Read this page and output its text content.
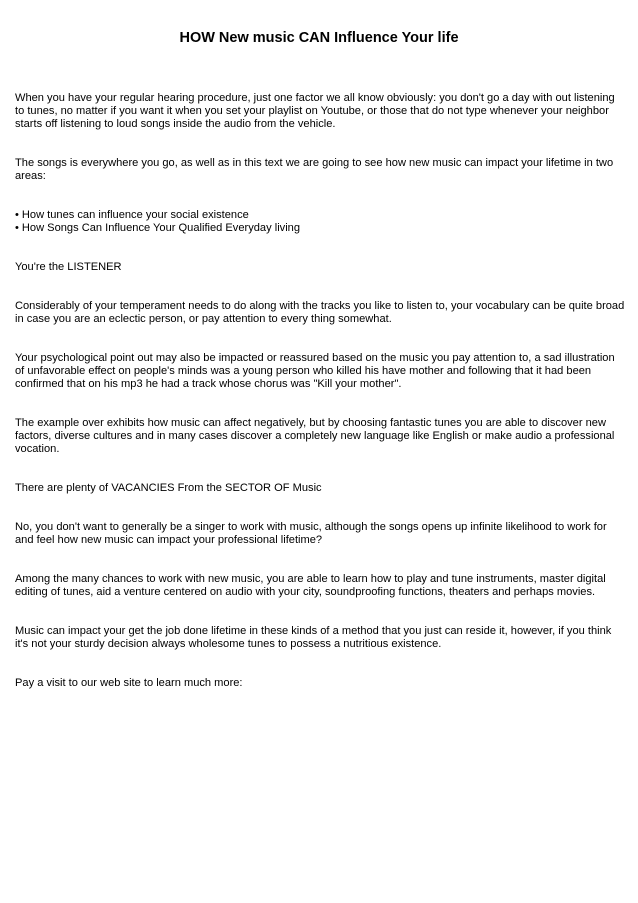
HOW New music CAN Influence Your life

When you have your regular hearing procedure, just one factor we all know obviously: you don't go a day with out listening to tunes, no matter if you want it when you set your playlist on Youtube, or those that do not type whenever your neighbor starts off listening to loud songs inside the audio from the vehicle.

The songs is everywhere you go, as well as in this text we are going to see how new music can impact your lifetime in two areas:

• How tunes can influence your social existence
• How Songs Can Influence Your Qualified Everyday living

You're the LISTENER

Considerably of your temperament needs to do along with the tracks you like to listen to, your vocabulary can be quite broad in case you are an eclectic person, or pay attention to every thing somewhat.

Your psychological point out may also be impacted or reassured based on the music you pay attention to, a sad illustration of unfavorable effect on people's minds was a young person who killed his have mother and following that it had been confirmed that on his mp3 he had a track whose chorus was "Kill your mother".

The example over exhibits how music can affect negatively, but by choosing fantastic tunes you are able to discover new factors, diverse cultures and in many cases discover a completely new language like English or make audio a professional vocation.

There are plenty of VACANCIES From the SECTOR OF Music

No, you don't want to generally be a singer to work with music, although the songs opens up infinite likelihood to work for and feel how new music can impact your professional lifetime?

Among the many chances to work with new music, you are able to learn how to play and tune instruments, master digital editing of tunes, aid a venture centered on audio with your city, soundproofing functions, theaters and perhaps movies.

Music can impact your get the job done lifetime in these kinds of a method that you just can reside it, however, if you think it's not your sturdy decision always wholesome tunes to possess a nutritious existence.

Pay a visit to our web site to learn much more:
